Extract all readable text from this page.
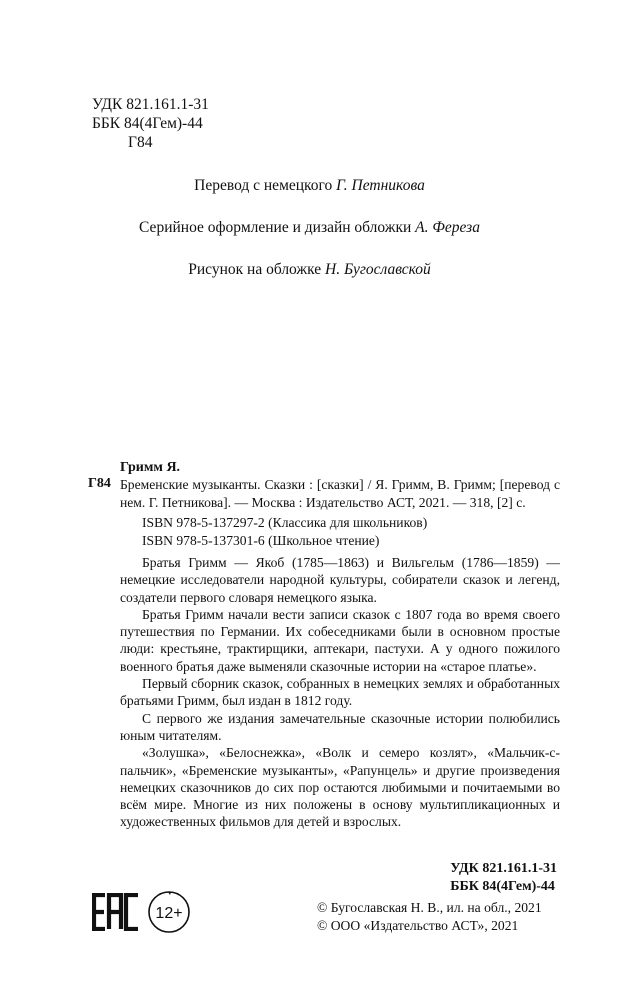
УДК 821.161.1-31
ББК 84(4Гем)-44
Г84
Перевод с немецкого Г. Петникова
Серийное оформление и дизайн обложки А. Фереза
Рисунок на обложке Н. Бугославской
Гримм Я.
Г84 Бременские музыканты. Сказки : [сказки] / Я. Гримм, В. Гримм; [перевод с нем. Г. Петникова]. — Москва : Издательство АСТ, 2021. — 318, [2] с.
ISBN 978-5-137297-2 (Классика для школьников)
ISBN 978-5-137301-6 (Школьное чтение)

Братья Гримм — Якоб (1785—1863) и Вильгельм (1786—1859) — немецкие исследователи народной культуры, собиратели сказок и легенд, создатели первого словаря немецкого языка.

Братья Гримм начали вести записи сказок с 1807 года во время своего путешествия по Германии. Их собеседниками были в основном простые люди: крестьяне, трактирщики, аптекари, пастухи. А у одного пожилого военного братья даже выменяли сказочные истории на «старое платье».

Первый сборник сказок, собранных в немецких землях и обработанных братьями Гримм, был издан в 1812 году.

С первого же издания замечательные сказочные истории полюбились юным читателям.

«Золушка», «Белоснежка», «Волк и семеро козлят», «Мальчик-с-пальчик», «Бременские музыканты», «Рапунцель» и другие произведения немецких сказочников до сих пор остаются любимыми и почитаемыми во всём мире. Многие из них положены в основу мультипликационных и художественных фильмов для детей и взрослых.

УДК 821.161.1-31
ББК 84(4Гем)-44
12+	© Бугославская Н. В., ил. на обл., 2021
© ООО «Издательство АСТ», 2021
